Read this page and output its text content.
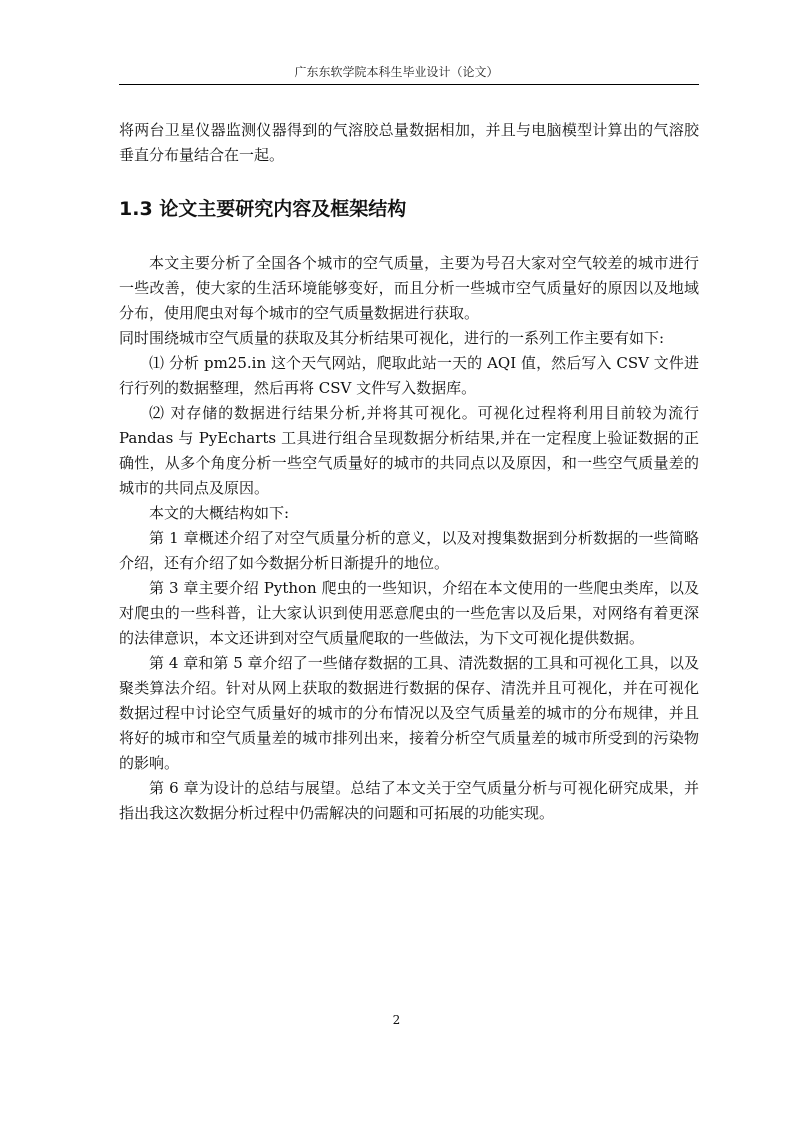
广东东软学院本科生毕业设计（论文）

将两台卫星仪器监测仪器得到的气溶胶总量数据相加，并且与电脑模型计算出的气溶胶垂直分布量结合在一起。

1.3 论文主要研究内容及框架结构

本文主要分析了全国各个城市的空气质量，主要为号召大家对空气较差的城市进行一些改善，使大家的生活环境能够变好，而且分析一些城市空气质量好的原因以及地域分布，使用爬虫对每个城市的空气质量数据进行获取。

同时围绕城市空气质量的获取及其分析结果可视化，进行的一系列工作主要有如下:

⑴ 分析 pm25.in 这个天气网站，爬取此站一天的 AQI 值，然后写入 CSV 文件进行行列的数据整理，然后再将 CSV 文件写入数据库。

⑵ 对存储的数据进行结果分析,并将其可视化。可视化过程将利用目前较为流行 Pandas 与 PyEcharts 工具进行组合呈现数据分析结果,并在一定程度上验证数据的正确性，从多个角度分析一些空气质量好的城市的共同点以及原因，和一些空气质量差的城市的共同点及原因。

本文的大概结构如下:

第 1 章概述介绍了对空气质量分析的意义，以及对搜集数据到分析数据的一些简略介绍，还有介绍了如今数据分析日渐提升的地位。

第 3 章主要介绍 Python 爬虫的一些知识，介绍在本文使用的一些爬虫类库，以及对爬虫的一些科普，让大家认识到使用恶意爬虫的一些危害以及后果，对网络有着更深的法律意识，本文还讲到对空气质量爬取的一些做法，为下文可视化提供数据。

第 4 章和第 5 章介绍了一些储存数据的工具、清洗数据的工具和可视化工具，以及聚类算法介绍。针对从网上获取的数据进行数据的保存、清洗并且可视化，并在可视化数据过程中讨论空气质量好的城市的分布情况以及空气质量差的城市的分布规律，并且将好的城市和空气质量差的城市排列出来，接着分析空气质量差的城市所受到的污染物的影响。

第 6 章为设计的总结与展望。总结了本文关于空气质量分析与可视化研究成果，并指出我这次数据分析过程中仍需解决的问题和可拓展的功能实现。

2
